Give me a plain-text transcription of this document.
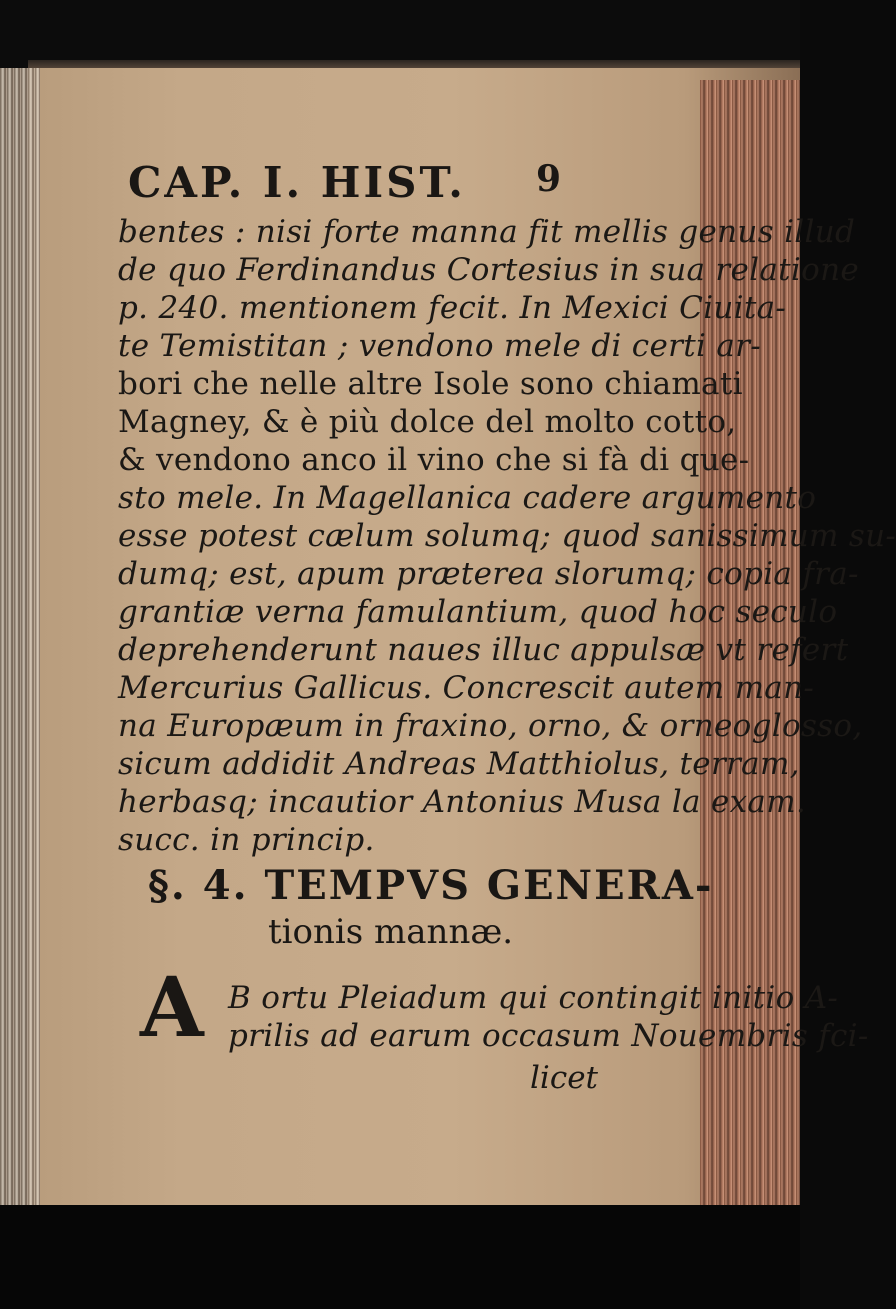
CAP. I. HIST. 9
bentes : nisi forte manna fit mellis genus illud
de quo Ferdinandus Cortesius in sua relatione
p. 240. mentionem fecit. In Mexici Ciuita-
te Temistitan ; vendono mele di certi ar-
bori che nelle altre Isole sono chiamati
Magney, & è più dolce del molto cotto,
& vendono anco il vino che si fà di que-
sto mele. In Magellanica cadere argumento
esse potest cælum solumq; quod sanissimum su-
dumq; est, apum præterea slorumq; copia fra-
grantiæ verna famulantium, quod hoc seculo
deprehenderunt naues illuc appulsæ vt refert
Mercurius Gallicus. Concrescit autem man-
na Europæum in fraxino, orno, & orneoglosso,
sicum addidit Andreas Matthiolus, terram,
herbasq; incautior Antonius Musa la exam.
succ. in princip.
§. 4. TEMPVS GENERA-
tionis mannæ.
A B ortu Pleiadum qui contingit initio A-
prilis ad earum occasum Nouembris fci-
licet
